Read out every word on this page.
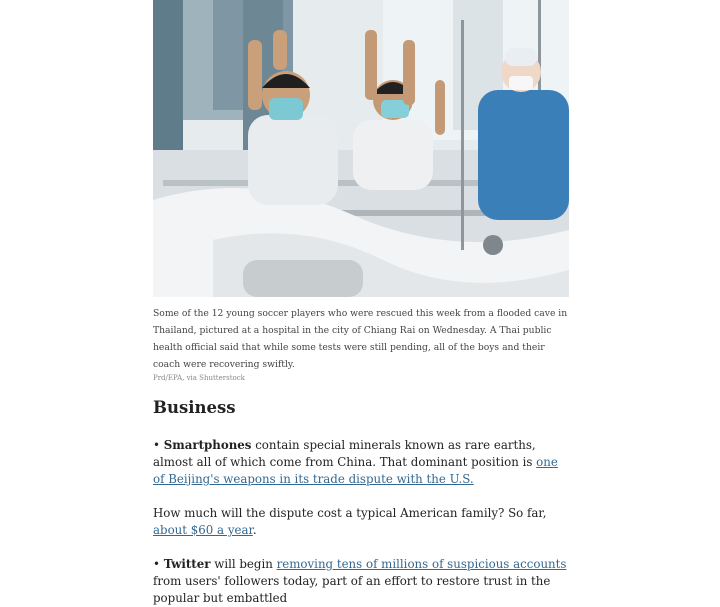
Some of the 12 young soccer players who were rescued this week from a flooded cave in Thailand, pictured at a hospital in the city of Chiang Rai on Wednesday. A Thai public health official said that while some tests were still pending, all of the boys and their coach were recovering swiftly.
Prd/EPA, via Shutterstock
Business

• Smartphones contain special minerals known as rare earths, almost all of which come from China. That dominant position is one of Beijing's weapons in its trade dispute with the U.S.

How much will the dispute cost a typical American family? So far, about $60 a year.

• Twitter will begin removing tens of millions of suspicious accounts from users' followers today, part of an effort to restore trust in the popular but embattled
